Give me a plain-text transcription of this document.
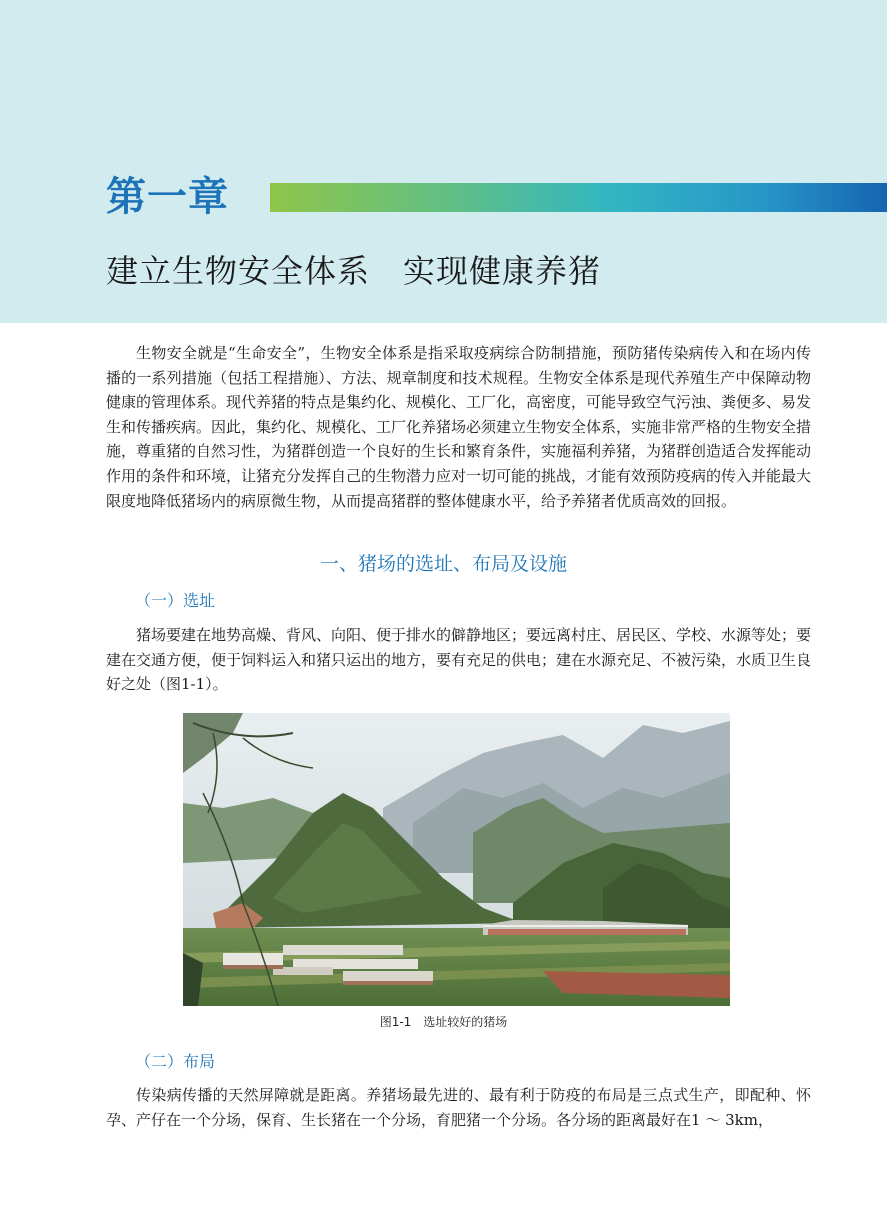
第一章
建立生物安全体系　实现健康养猪

生物安全就是“生命安全”，生物安全体系是指采取疫病综合防制措施，预防猪传染病传入和在场内传播的一系列措施（包括工程措施）、方法、规章制度和技术规程。生物安全体系是现代养殖生产中保障动物健康的管理体系。现代养猪的特点是集约化、规模化、工厂化，高密度，可能导致空气污浊、粪便多、易发生和传播疾病。因此，集约化、规模化、工厂化养猪场必须建立生物安全体系，实施非常严格的生物安全措施，尊重猪的自然习性，为猪群创造一个良好的生长和繁育条件，实施福利养猪，为猪群创造适合发挥能动作用的条件和环境，让猪充分发挥自己的生物潜力应对一切可能的挑战，才能有效预防疫病的传入并能最大限度地降低猪场内的病原微生物，从而提高猪群的整体健康水平，给予养猪者优质高效的回报。

一、猪场的选址、布局及设施
（一）选址

猪场要建在地势高燥、背风、向阳、便于排水的僻静地区；要远离村庄、居民区、学校、水源等处；要建在交通方便，便于饲料运入和猪只运出的地方，要有充足的供电；建在水源充足、不被污染，水质卫生良好之处（图1-1）。

图1-1　选址较好的猪场
（二）布局

传染病传播的天然屏障就是距离。养猪场最先进的、最有利于防疫的布局是三点式生产，即配种、怀孕、产仔在一个分场，保育、生长猪在一个分场，育肥猪一个分场。各分场的距离最好在1 ～ 3km，
